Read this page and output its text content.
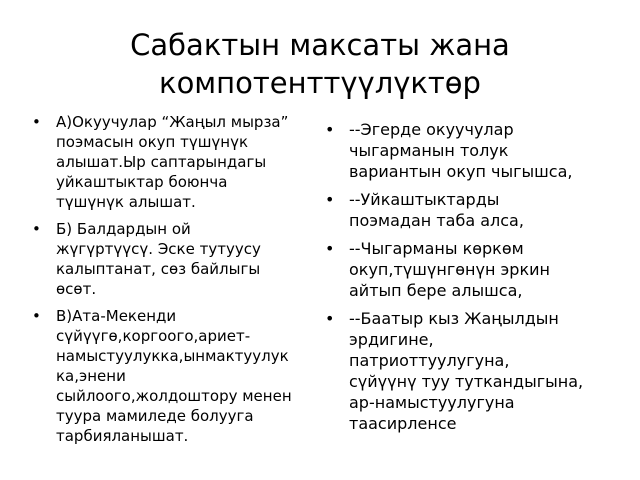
Сабактын максаты жана
компотенттүүлүктөр
•	А)Окуучулар “Жаңыл мырза”
поэмасын окуп түшүнүк
алышат.Ыр саптарындагы
уйкаштыктар боюнча
түшүнүк алышат.
•	Б) Балдардын ой
жүгүртүүсү. Эске тутуусу
калыптанат, сөз байлыгы
өсөт.
•	В)Ата-Мекенди
сүйүүгө,коргоого,ариет-
намыстуулукка,ынмактуулук
ка,энени
сыйлоого,жолдоштору менен
туура мамиледе болууга
тарбияланышат.
• --Эгерде окуучулар
чыгарманын толук
вариантын окуп чыгышса,
• --Уйкаштыктарды
поэмадан таба алса,
• --Чыгарманы көркөм
окуп,түшүнгөнүн эркин
айтып бере алышса,
• --Баатыр кыз Жаңылдын
эрдигине,
патриоттуулугуна,
сүйүүнү туу туткандыгына,
ар-намыстуулугуна
таасирленсе
